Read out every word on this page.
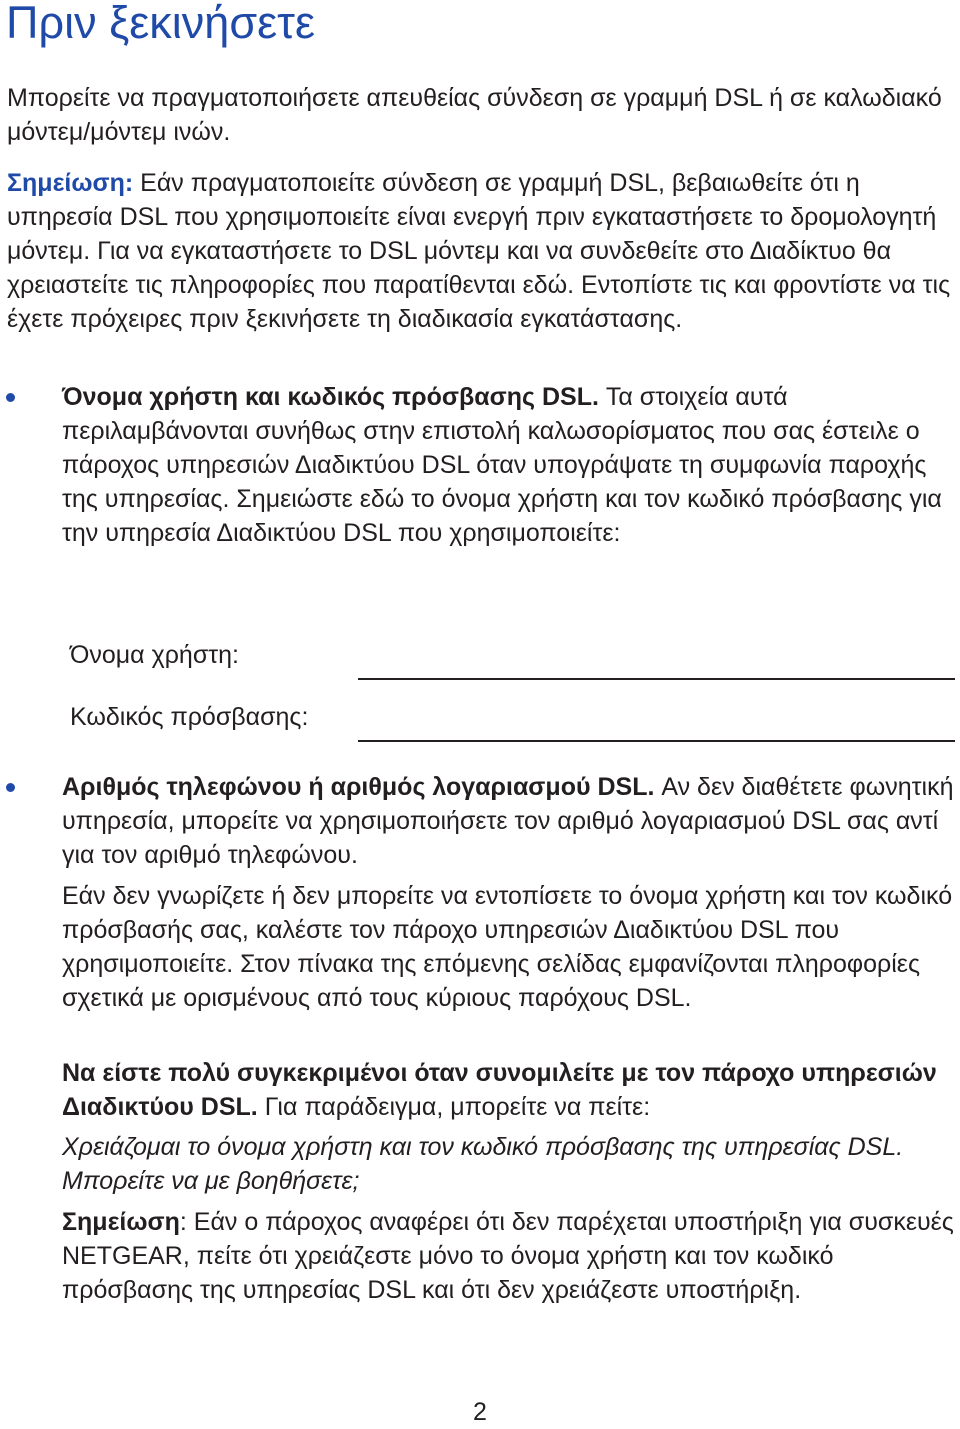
Πριν ξεκινήσετε

Μπορείτε να πραγματοποιήσετε απευθείας σύνδεση σε γραμμή DSL ή σε καλωδιακό μόντεμ/μόντεμ ινών.

Σημείωση: Εάν πραγματοποιείτε σύνδεση σε γραμμή DSL, βεβαιωθείτε ότι η υπηρεσία DSL που χρησιμοποιείτε είναι ενεργή πριν εγκαταστήσετε το δρομολογητή μόντεμ. Για να εγκαταστήσετε το DSL μόντεμ και να συνδεθείτε στο Διαδίκτυο θα χρειαστείτε τις πληροφορίες που παρατίθενται εδώ. Εντοπίστε τις και φροντίστε να τις έχετε πρόχειρες πριν ξεκινήσετε τη διαδικασία εγκατάστασης.

Όνομα χρήστη και κωδικός πρόσβασης DSL. Τα στοιχεία αυτά περιλαμβάνονται συνήθως στην επιστολή καλωσορίσματος που σας έστειλε ο πάροχος υπηρεσιών Διαδικτύου DSL όταν υπογράψατε τη συμφωνία παροχής της υπηρεσίας. Σημειώστε εδώ το όνομα χρήστη και τον κωδικό πρόσβασης για την υπηρεσία Διαδικτύου DSL που χρησιμοποιείτε:

Όνομα χρήστη:

Κωδικός πρόσβασης:

Αριθμός τηλεφώνου ή αριθμός λογαριασμού DSL. Αν δεν διαθέτετε φωνητική υπηρεσία, μπορείτε να χρησιμοποιήσετε τον αριθμό λογαριασμού DSL σας αντί για τον αριθμό τηλεφώνου.

Εάν δεν γνωρίζετε ή δεν μπορείτε να εντοπίσετε το όνομα χρήστη και τον κωδικό πρόσβασής σας, καλέστε τον πάροχο υπηρεσιών Διαδικτύου DSL που χρησιμοποιείτε. Στον πίνακα της επόμενης σελίδας εμφανίζονται πληροφορίες σχετικά με ορισμένους από τους κύριους παρόχους DSL.

Να είστε πολύ συγκεκριμένοι όταν συνομιλείτε με τον πάροχο υπηρεσιών Διαδικτύου DSL. Για παράδειγμα, μπορείτε να πείτε:

Χρειάζομαι το όνομα χρήστη και τον κωδικό πρόσβασης της υπηρεσίας DSL. Μπορείτε να με βοηθήσετε;

Σημείωση: Εάν ο πάροχος αναφέρει ότι δεν παρέχεται υποστήριξη για συσκευές NETGEAR, πείτε ότι χρειάζεστε μόνο το όνομα χρήστη και τον κωδικό πρόσβασης της υπηρεσίας DSL και ότι δεν χρειάζεστε υποστήριξη.

2
